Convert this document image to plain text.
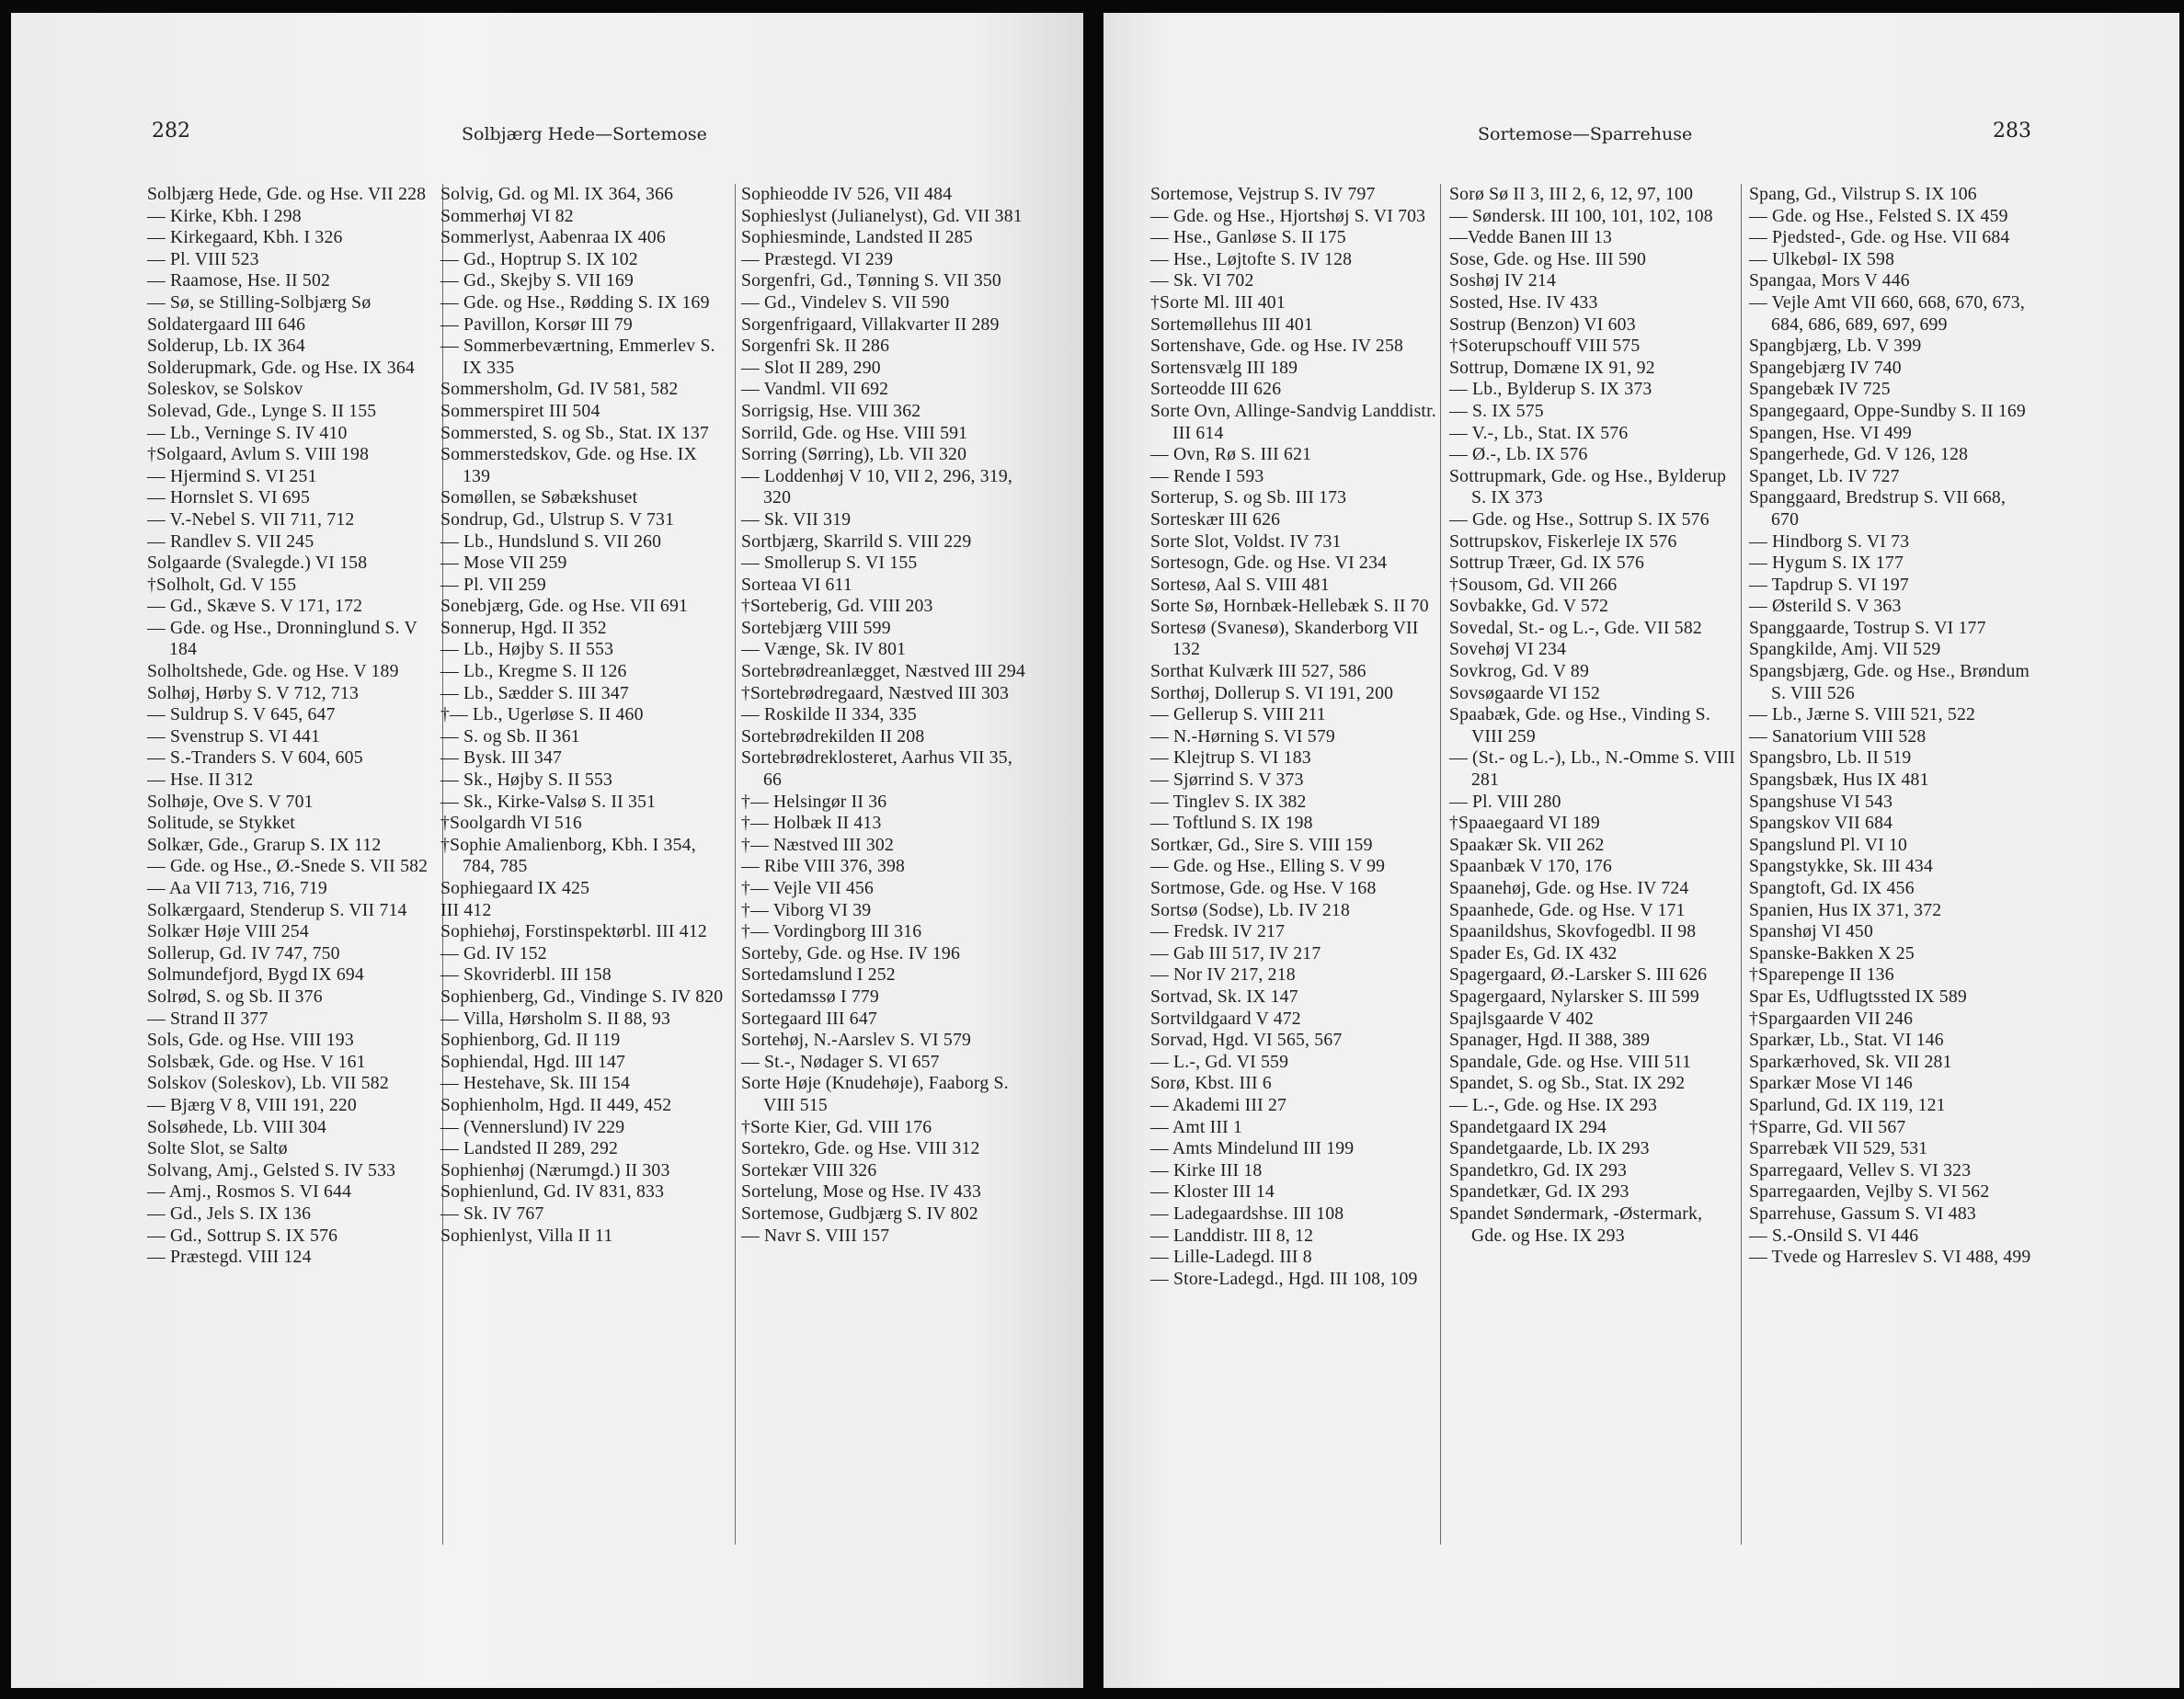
282	Solbjærg Hede—Sortemose
Solbjærg Hede, Gde. og Hse. VII 228
— Kirke, Kbh. I 298
— Kirkegaard, Kbh. I 326
— Pl. VIII 523
— Raamose, Hse. II 502
— Sø, se Stilling-Solbjærg Sø
Soldatergaard III 646
Solderup, Lb. IX 364
Solderupmark, Gde. og Hse. IX 364
Soleskov, se Solskov
Solevad, Gde., Lynge S. II 155
— Lb., Verninge S. IV 410
†Solgaard, Avlum S. VIII 198
— Hjermind S. VI 251
— Hornslet S. VI 695
— V.-Nebel S. VII 711, 712
— Randlev S. VII 245
Solgaarde (Svalegde.) VI 158
†Solholt, Gd. V 155
— Gd., Skæve S. V 171, 172
— Gde. og Hse., Dronninglund S. V 184
Solholtshede, Gde. og Hse. V 189
Solhøj, Hørby S. V 712, 713
— Suldrup S. V 645, 647
— Svenstrup S. VI 441
— S.-Tranders S. V 604, 605
— Hse. II 312
Solhøje, Ove S. V 701
Solitude, se Stykket
Solkær, Gde., Grarup S. IX 112
— Gde. og Hse., Ø.-Snede S. VII 582
— Aa VII 713, 716, 719
Solkærgaard, Stenderup S. VII 714
Solkær Høje VIII 254
Sollerup, Gd. IV 747, 750
Solmundefjord, Bygd IX 694
Solrød, S. og Sb. II 376
— Strand II 377
Sols, Gde. og Hse. VIII 193
Solsbæk, Gde. og Hse. V 161
Solskov (Soleskov), Lb. VII 582
— Bjærg V 8, VIII 191, 220
Solsøhede, Lb. VIII 304
Solte Slot, se Saltø
Solvang, Amj., Gelsted S. IV 533
— Amj., Rosmos S. VI 644
— Gd., Jels S. IX 136
— Gd., Sottrup S. IX 576
— Præstegd. VIII 124
Solvig, Gd. og Ml. IX 364, 366
Sommerhøj VI 82
Sommerlyst, Aabenraa IX 406
— Gd., Hoptrup S. IX 102
— Gd., Skejby S. VII 169
— Gde. og Hse., Rødding S. IX 169
— Pavillon, Korsør III 79
— Sommerbeværtning, Emmerlev S. IX 335
Sommersholm, Gd. IV 581, 582
Sommerspiret III 504
Sommersted, S. og Sb., Stat. IX 137
Sommerstedskov, Gde. og Hse. IX 139
Somøllen, se Søbækshuset
Sondrup, Gd., Ulstrup S. V 731
— Lb., Hundslund S. VII 260
— Mose VII 259
— Pl. VII 259
Sonebjærg, Gde. og Hse. VII 691
Sonnerup, Hgd. II 352
— Lb., Højby S. II 553
— Lb., Kregme S. II 126
— Lb., Sædder S. III 347
†— Lb., Ugerløse S. II 460
— S. og Sb. II 361
— Bysk. III 347
— Sk., Højby S. II 553
— Sk., Kirke-Valsø S. II 351
†Soolgardh VI 516
†Sophie Amalienborg, Kbh. I 354, 784, 785
Sophiegaard IX 425
III 412
Sophiehøj, Forstinspektørbl. III 412
— Gd. IV 152
— Skovriderbl. III 158
Sophienberg, Gd., Vindinge S. IV 820
— Villa, Hørsholm S. II 88, 93
Sophienborg, Gd. II 119
Sophiendal, Hgd. III 147
— Hestehave, Sk. III 154
Sophienholm, Hgd. II 449, 452
— (Vennerslund) IV 229
— Landsted II 289, 292
Sophienhøj (Nærumgd.) II 303
Sophienlund, Gd. IV 831, 833
— Sk. IV 767
Sophienlyst, Villa II 11
Sophieodde IV 526, VII 484
Sophieslyst (Julianelyst), Gd. VII 381
Sophiesminde, Landsted II 285
— Præstegd. VI 239
Sorgenfri, Gd., Tønning S. VII 350
— Gd., Vindelev S. VII 590
Sorgenfrigaard, Villakvarter II 289
Sorgenfri Sk. II 286
— Slot II 289, 290
— Vandml. VII 692
Sorrigsig, Hse. VIII 362
Sorrild, Gde. og Hse. VIII 591
Sorring (Sørring), Lb. VII 320
— Loddenhøj V 10, VII 2, 296, 319, 320
— Sk. VII 319
Sortbjærg, Skarrild S. VIII 229
— Smollerup S. VI 155
Sorteaa VI 611
†Sorteberig, Gd. VIII 203
Sortebjærg VIII 599
— Vænge, Sk. IV 801
Sortebrødreanlægget, Næstved III 294
†Sortebrødregaard, Næstved III 303
— Roskilde II 334, 335
Sortebrødrekilden II 208
Sortebrødreklosteret, Aarhus VII 35, 66
†— Helsingør II 36
†— Holbæk II 413
†— Næstved III 302
— Ribe VIII 376, 398
†— Vejle VII 456
†— Viborg VI 39
†— Vordingborg III 316
Sorteby, Gde. og Hse. IV 196
Sortedamslund I 252
Sortedamssø I 779
Sortegaard III 647
Sortehøj, N.-Aarslev S. VI 579
— St.-, Nødager S. VI 657
Sorte Høje (Knudehøje), Faaborg S. VIII 515
†Sorte Kier, Gd. VIII 176
Sortekro, Gde. og Hse. VIII 312
Sortekær VIII 326
Sortelung, Mose og Hse. IV 433
Sortemose, Gudbjærg S. IV 802
— Navr S. VIII 157
Sortemose—Sparrehuse	283
Sortemose, Vejstrup S. IV 797
— Gde. og Hse., Hjortshøj S. VI 703
— Hse., Ganløse S. II 175
— Hse., Løjtofte S. IV 128
— Sk. VI 702
†Sorte Ml. III 401
Sortemøllehus III 401
Sortenshave, Gde. og Hse. IV 258
Sortensvælg III 189
Sorteodde III 626
Sorte Ovn, Allinge-Sandvig Landdistr. III 614
— Ovn, Rø S. III 621
— Rende I 593
Sorterup, S. og Sb. III 173
Sorteskær III 626
Sorte Slot, Voldst. IV 731
Sortesogn, Gde. og Hse. VI 234
Sortesø, Aal S. VIII 481
Sorte Sø, Hornbæk-Hellebæk S. II 70
Sortesø (Svanesø), Skanderborg VII 132
Sorthat Kulværk III 527, 586
Sorthøj, Dollerup S. VI 191, 200
— Gellerup S. VIII 211
— N.-Hørning S. VI 579
— Klejtrup S. VI 183
— Sjørrind S. V 373
— Tinglev S. IX 382
— Toftlund S. IX 198
Sortkær, Gd., Sire S. VIII 159
— Gde. og Hse., Elling S. V 99
Sortmose, Gde. og Hse. V 168
Sortsø (Sodse), Lb. IV 218
— Fredsk. IV 217
— Gab III 517, IV 217
— Nor IV 217, 218
Sortvad, Sk. IX 147
Sortvildgaard V 472
Sorvad, Hgd. VI 565, 567
— L.-, Gd. VI 559
Sorø, Kbst. III 6
— Akademi III 27
— Amt III 1
— Amts Mindelund III 199
— Kirke III 18
— Kloster III 14
— Ladegaardshse. III 108
— Landdistr. III 8, 12
— Lille-Ladegd. III 8
— Store-Ladegd., Hgd. III 108, 109
Sorø Sø II 3, III 2, 6, 12, 97, 100
— Søndersk. III 100, 101, 102, 108
—Vedde Banen III 13
Sose, Gde. og Hse. III 590
Soshøj IV 214
Sosted, Hse. IV 433
Sostrup (Benzon) VI 603
†Soterupschouff VIII 575
Sottrup, Domæne IX 91, 92
— Lb., Bylderup S. IX 373
— S. IX 575
— V.-, Lb., Stat. IX 576
— Ø.-, Lb. IX 576
Sottrupmark, Gde. og Hse., Bylderup S. IX 373
— Gde. og Hse., Sottrup S. IX 576
Sottrupskov, Fiskerleje IX 576
Sottrup Træer, Gd. IX 576
†Sousom, Gd. VII 266
Sovbakke, Gd. V 572
Sovedal, St.- og L.-, Gde. VII 582
Sovehøj VI 234
Sovkrog, Gd. V 89
Sovsøgaarde VI 152
Spaabæk, Gde. og Hse., Vinding S. VIII 259
— (St.- og L.-), Lb., N.-Omme S. VIII 281
— Pl. VIII 280
†Spaaegaard VI 189
Spaakær Sk. VII 262
Spaanbæk V 170, 176
Spaanehøj, Gde. og Hse. IV 724
Spaanhede, Gde. og Hse. V 171
Spaanildshus, Skovfogedbl. II 98
Spader Es, Gd. IX 432
Spagergaard, Ø.-Larsker S. III 626
Spagergaard, Nylarsker S. III 599
Spajlsgaarde V 402
Spanager, Hgd. II 388, 389
Spandale, Gde. og Hse. VIII 511
Spandet, S. og Sb., Stat. IX 292
— L.-, Gde. og Hse. IX 293
Spandetgaard IX 294
Spandetgaarde, Lb. IX 293
Spandetkro, Gd. IX 293
Spandetkær, Gd. IX 293
Spandet Søndermark, -Østermark, Gde. og Hse. IX 293
Spang, Gd., Vilstrup S. IX 106
— Gde. og Hse., Felsted S. IX 459
— Pjedsted-, Gde. og Hse. VII 684
— Ulkebøl- IX 598
Spangaa, Mors V 446
— Vejle Amt VII 660, 668, 670, 673, 684, 686, 689, 697, 699
Spangbjærg, Lb. V 399
Spangebjærg IV 740
Spangebæk IV 725
Spangegaard, Oppe-Sundby S. II 169
Spangen, Hse. VI 499
Spangerhede, Gd. V 126, 128
Spanget, Lb. IV 727
Spanggaard, Bredstrup S. VII 668, 670
— Hindborg S. VI 73
— Hygum S. IX 177
— Tapdrup S. VI 197
— Østerild S. V 363
Spanggaarde, Tostrup S. VI 177
Spangkilde, Amj. VII 529
Spangsbjærg, Gde. og Hse., Brøndum S. VIII 526
— Lb., Jærne S. VIII 521, 522
— Sanatorium VIII 528
Spangsbro, Lb. II 519
Spangsbæk, Hus IX 481
Spangshuse VI 543
Spangskov VII 684
Spangslund Pl. VI 10
Spangstykke, Sk. III 434
Spangtoft, Gd. IX 456
Spanien, Hus IX 371, 372
Spanshøj VI 450
Spanske-Bakken X 25
†Sparepenge II 136
Spar Es, Udflugtssted IX 589
†Spargaarden VII 246
Sparkær, Lb., Stat. VI 146
Sparkærhoved, Sk. VII 281
Sparkær Mose VI 146
Sparlund, Gd. IX 119, 121
†Sparre, Gd. VII 567
Sparrebæk VII 529, 531
Sparregaard, Vellev S. VI 323
Sparregaarden, Vejlby S. VI 562
Sparrehuse, Gassum S. VI 483
— S.-Onsild S. VI 446
— Tvede og Harreslev S. VI 488, 499
